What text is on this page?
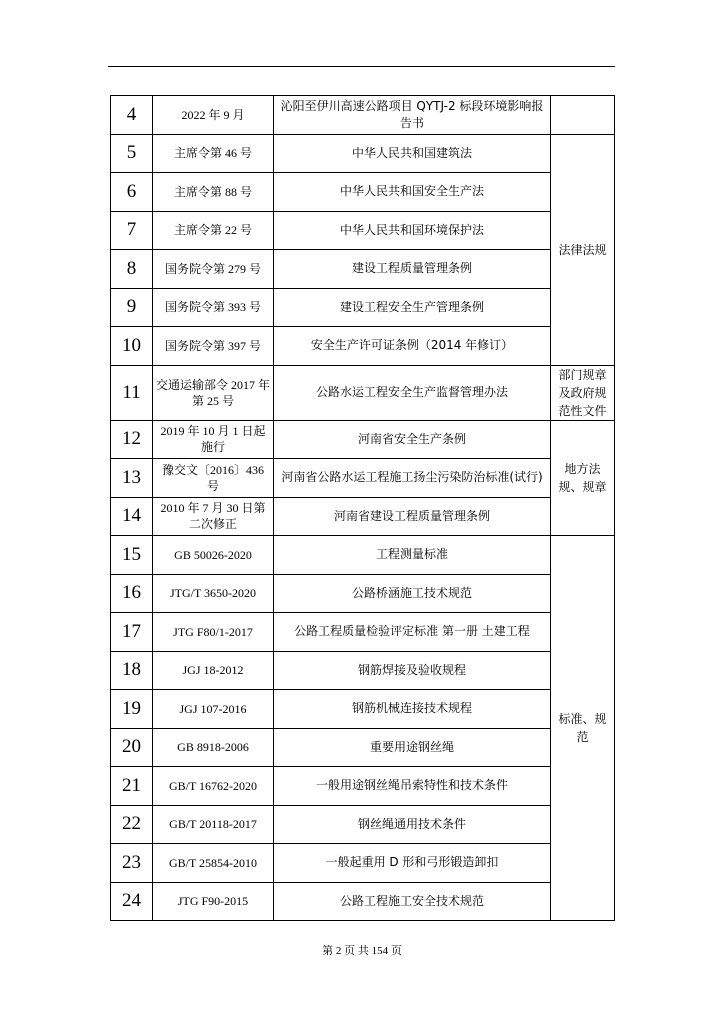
4	2022 年 9 月	沁阳至伊川高速公路项目 QYTJ-2 标段环境影响报告书	
5	主席令第 46 号	中华人民共和国建筑法	法律法规
6	主席令第 88 号	中华人民共和国安全生产法	
7	主席令第 22 号	中华人民共和国环境保护法	
8	国务院令第 279 号	建设工程质量管理条例	
9	国务院令第 393 号	建设工程安全生产管理条例	
10	国务院令第 397 号	安全生产许可证条例（2014 年修订）	
11	交通运输部令 2017 年第 25 号	公路水运工程安全生产监督管理办法	部门规章及政府规范性文件
12	2019 年 10 月 1 日起施行	河南省安全生产条例	地方法规、规章
13	豫交文〔2016〕436 号	河南省公路水运工程施工扬尘污染防治标准(试行)	
14	2010 年 7 月 30 日第二次修正	河南省建设工程质量管理条例	
15	GB 50026-2020	工程测量标准	标准、规范
16	JTG/T 3650-2020	公路桥涵施工技术规范	
17	JTG F80/1-2017	公路工程质量检验评定标准 第一册 土建工程	
18	JGJ 18-2012	钢筋焊接及验收规程	
19	JGJ 107-2016	钢筋机械连接技术规程	
20	GB 8918-2006	重要用途钢丝绳	
21	GB/T 16762-2020	一般用途钢丝绳吊索特性和技术条件	
22	GB/T 20118-2017	钢丝绳通用技术条件	
23	GB/T 25854-2010	一般起重用 D 形和弓形锻造卸扣	
24	JTG F90-2015	公路工程施工安全技术规范	
第 2 页 共 154 页
